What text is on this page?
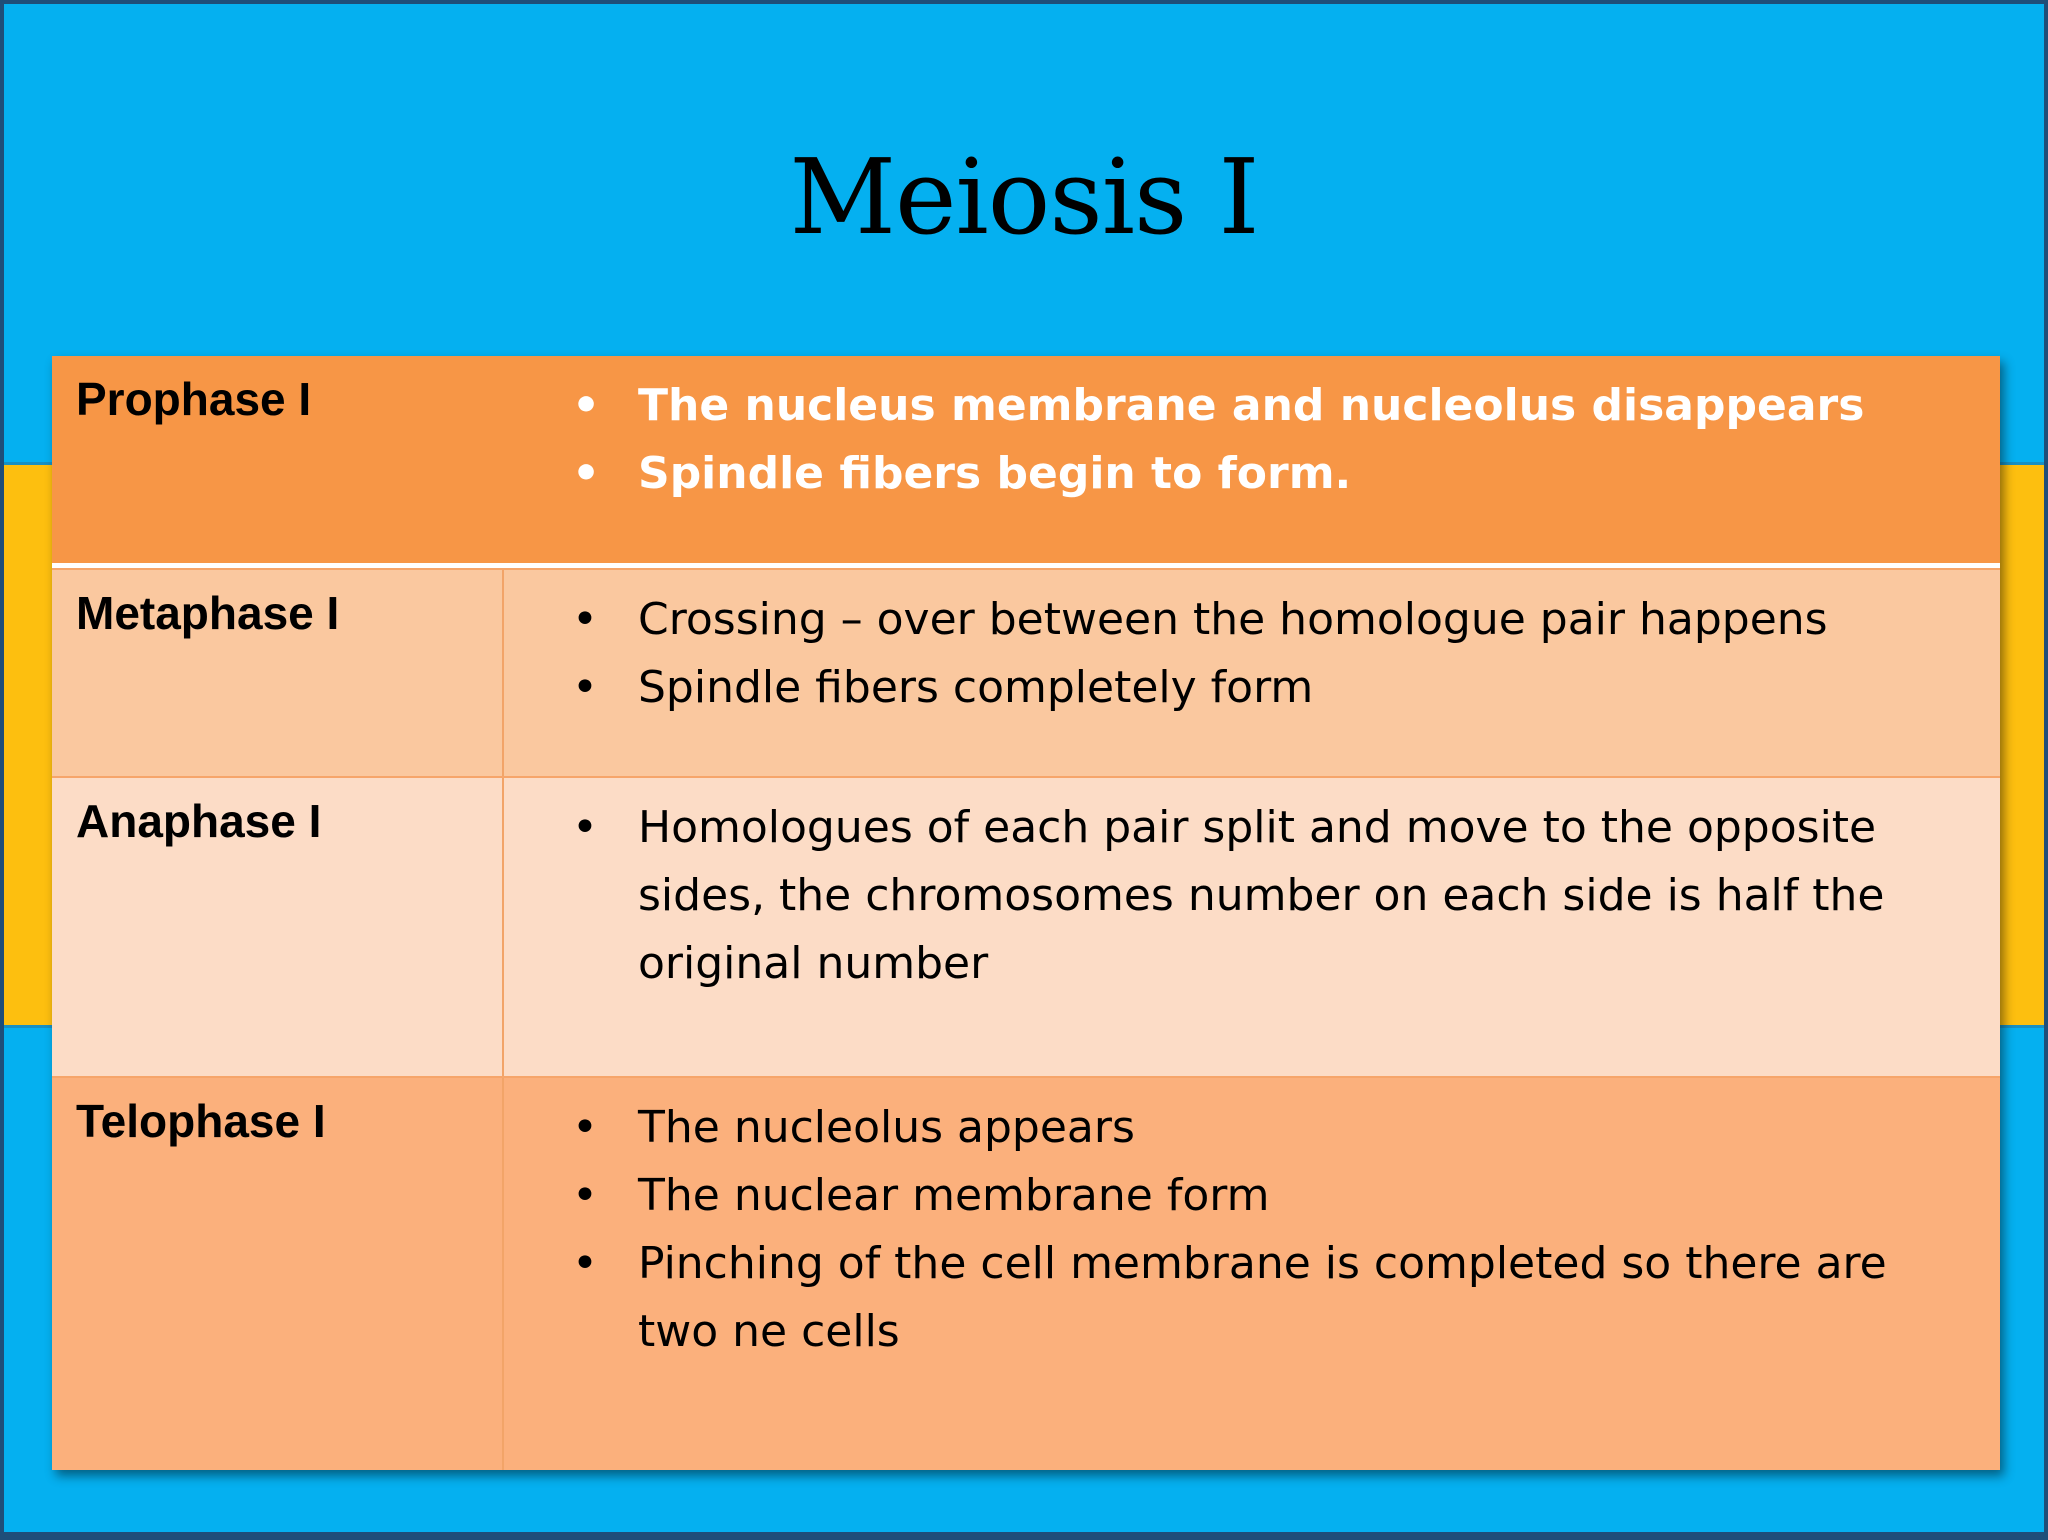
Meiosis I
Prophase I	• The nucleus membrane and nucleolus disappears
• Spindle fibers begin to form.
Metaphase I	• Crossing – over between the homologue pair happens
• Spindle fibers completely form
Anaphase I	• Homologues of each pair split and move to the opposite sides, the chromosomes number on each side is half the original number
Telophase I	• The nucleolus appears
• The nuclear membrane form
• Pinching of the cell membrane is completed so there are two ne cells
